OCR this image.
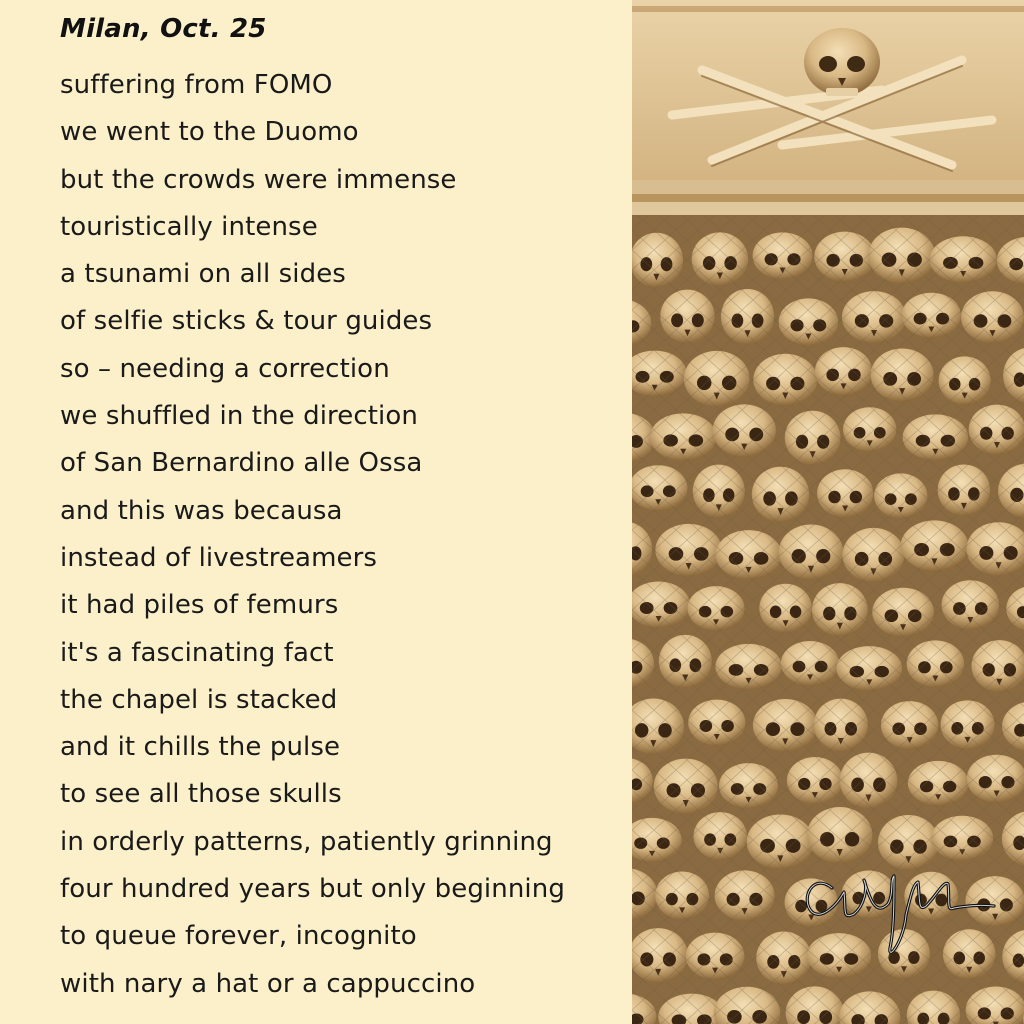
Milan, Oct. 25
suffering from FOMO
we went to the Duomo
but the crowds were immense
touristically intense
a tsunami on all sides
of selfie sticks & tour guides
so – needing a correction
we shuffled in the direction
of San Bernardino alle Ossa
and this was becausa
instead of livestreamers
it had piles of femurs
it's a fascinating fact
the chapel is stacked
and it chills the pulse
to see all those skulls
in orderly patterns, patiently grinning
four hundred years but only beginning
to queue forever, incognito
with nary a hat or a cappuccino
